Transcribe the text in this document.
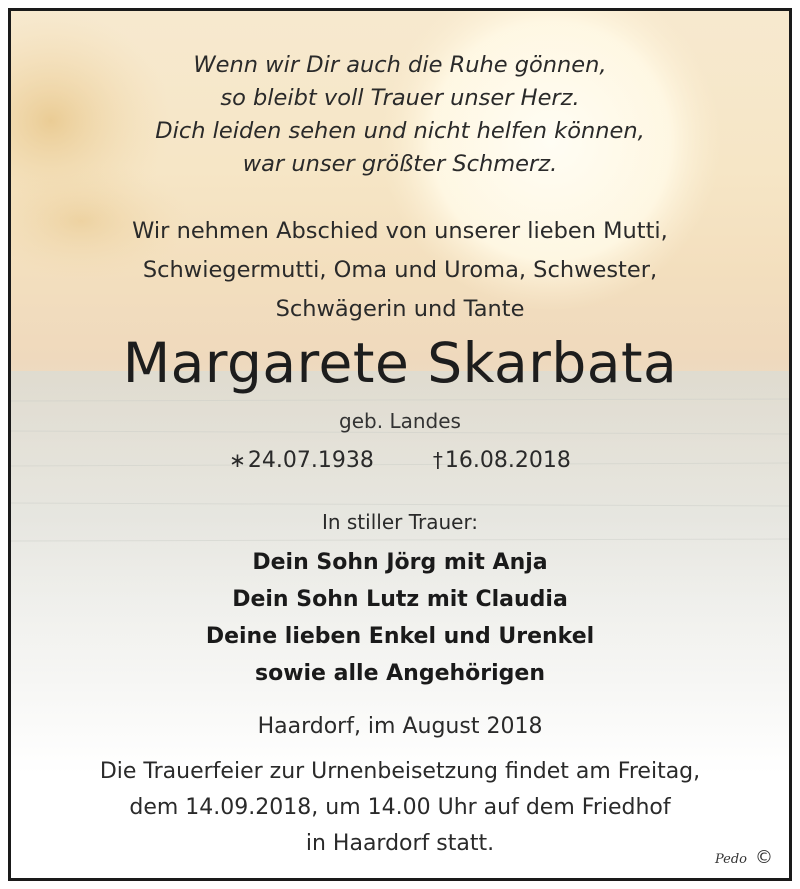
Wenn wir Dir auch die Ruhe gönnen,
so bleibt voll Trauer unser Herz.
Dich leiden sehen und nicht helfen können,
war unser größter Schmerz.
Wir nehmen Abschied von unserer lieben Mutti,
Schwiegermutti, Oma und Uroma, Schwester,
Schwägerin und Tante
Margarete Skarbata
geb. Landes
∗24.07.1938	†16.08.2018
In stiller Trauer:
Dein Sohn Jörg mit Anja
Dein Sohn Lutz mit Claudia
Deine lieben Enkel und Urenkel
sowie alle Angehörigen
Haardorf, im August 2018
Die Trauerfeier zur Urnenbeisetzung findet am Freitag,
dem 14.09.2018, um 14.00 Uhr auf dem Friedhof
in Haardorf statt.
Pedo ©
